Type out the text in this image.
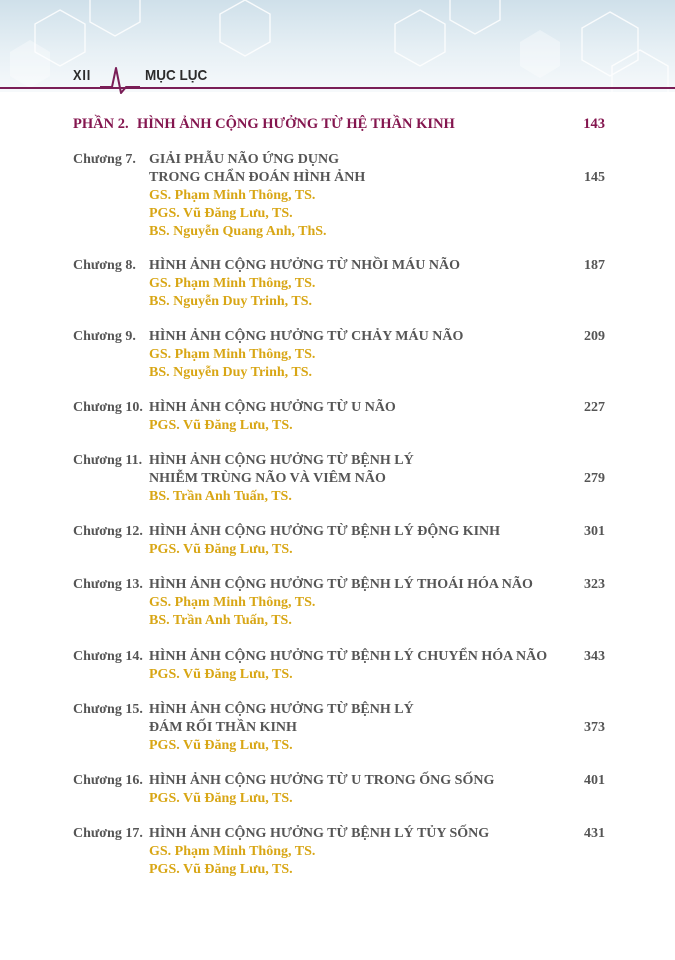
XII	MỤC LỤC
PHẦN 2. HÌNH ẢNH CỘNG HƯỞNG TỪ HỆ THẦN KINH	143
Chương 7. GIẢI PHẪU NÃO ỨNG DỤNG
TRONG CHẨN ĐOÁN HÌNH ẢNH
GS. Phạm Minh Thông, TS.
PGS. Vũ Đăng Lưu, TS.
BS. Nguyễn Quang Anh, ThS.
145
Chương 8. HÌNH ẢNH CỘNG HƯỞNG TỪ NHỒI MÁU NÃO
GS. Phạm Minh Thông, TS.
BS. Nguyễn Duy Trinh, TS.
187
Chương 9. HÌNH ẢNH CỘNG HƯỞNG TỪ CHẢY MÁU NÃO
GS. Phạm Minh Thông, TS.
BS. Nguyễn Duy Trinh, TS.
209
Chương 10. HÌNH ẢNH CỘNG HƯỞNG TỪ U NÃO
PGS. Vũ Đăng Lưu, TS.
227
Chương 11. HÌNH ẢNH CỘNG HƯỞNG TỪ BỆNH LÝ
NHIỄM TRÙNG NÃO VÀ VIÊM NÃO
BS. Trần Anh Tuấn, TS.
279
Chương 12. HÌNH ẢNH CỘNG HƯỞNG TỪ BỆNH LÝ ĐỘNG KINH
PGS. Vũ Đăng Lưu, TS.
301
Chương 13. HÌNH ẢNH CỘNG HƯỞNG TỪ BỆNH LÝ THOÁI HÓA NÃO
GS. Phạm Minh Thông, TS.
BS. Trần Anh Tuấn, TS.
323
Chương 14. HÌNH ẢNH CỘNG HƯỞNG TỪ BỆNH LÝ CHUYỂN HÓA NÃO
PGS. Vũ Đăng Lưu, TS.
343
Chương 15. HÌNH ẢNH CỘNG HƯỞNG TỪ BỆNH LÝ
ĐÁM RỐI THẦN KINH
PGS. Vũ Đăng Lưu, TS.
373
Chương 16. HÌNH ẢNH CỘNG HƯỞNG TỪ U TRONG ỐNG SỐNG
PGS. Vũ Đăng Lưu, TS.
401
Chương 17. HÌNH ẢNH CỘNG HƯỞNG TỪ BỆNH LÝ TỦY SỐNG
GS. Phạm Minh Thông, TS.
PGS. Vũ Đăng Lưu, TS.
431
